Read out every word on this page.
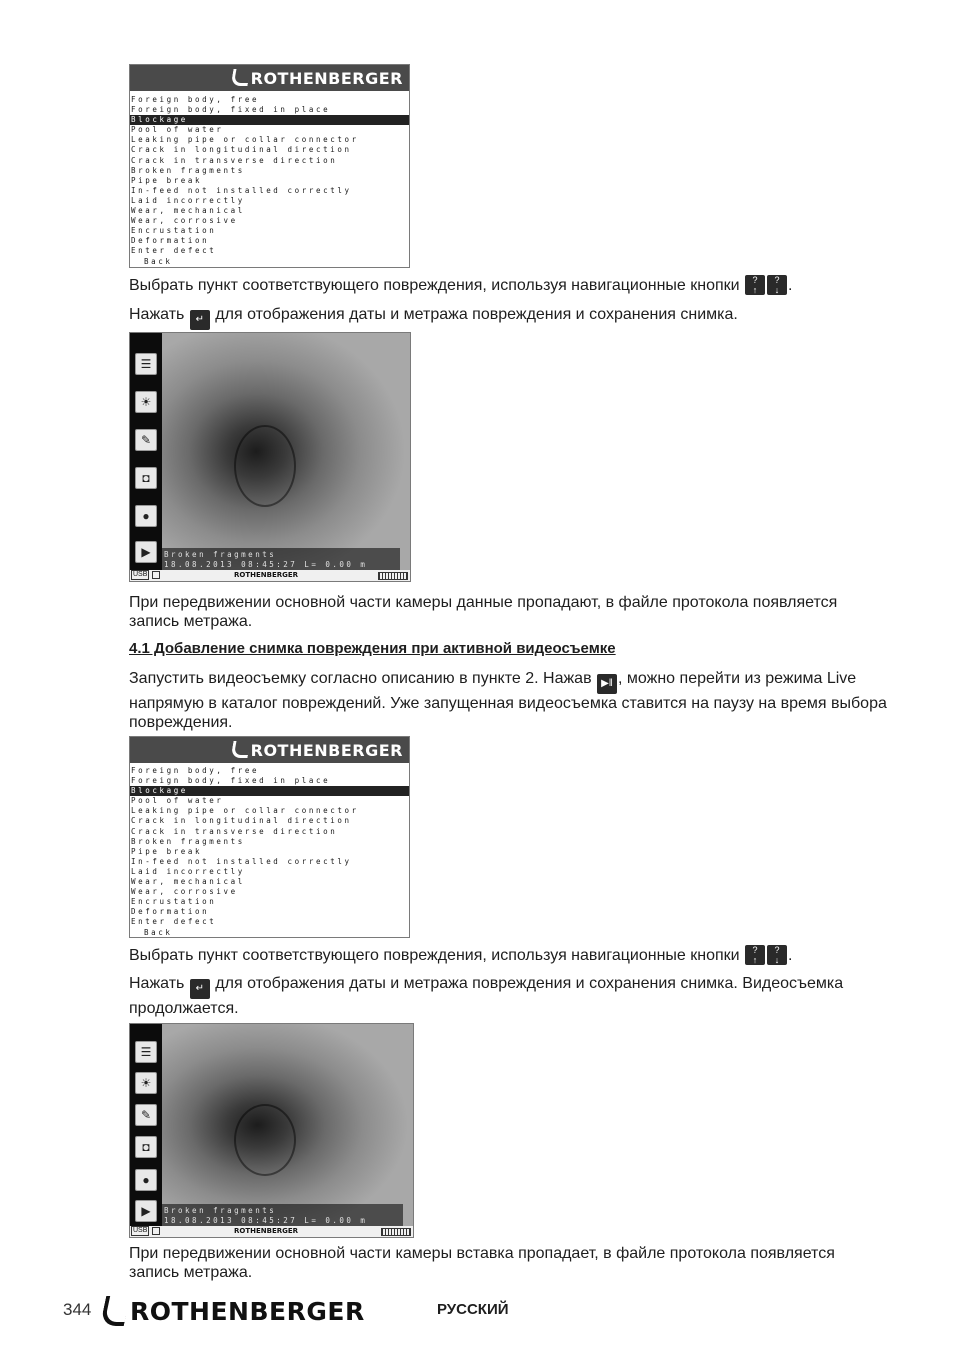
ROTHENBERGER
Foreign body, free
Foreign body, fixed in place
Blockage
Pool of water
Leaking pipe or collar connector
Crack in longitudinal direction
Crack in transverse direction
Broken fragments
Pipe break
In-feed not installed correctly
Laid incorrectly
Wear, mechanical
Wear, corrosive
Encrustation
Deformation
Enter defect
Back
Выбрать пункт соответствующего повреждения, используя навигационные кнопки ?
↑?
↓ .
Нажать ↵ для отображения даты и метража повреждения и сохранения снимка.
☰
☀
✎
◘
●
▶	Broken fragments
18.08.2013 08:45:27 L= 0.00 m
USB	ROTHENBERGER
При передвижении основной части камеры данные пропадают, в файле протокола появляется запись метража.
4.1 Добавление снимка повреждения при активной видеосъемке
Запустить видеосъемку согласно описанию в пункте 2. Нажав ▶‖ , можно перейти из режима Live напрямую в каталог повреждений. Уже запущенная видеосъемка ставится на паузу на время выбора повреждения.
ROTHENBERGER
Foreign body, free
Foreign body, fixed in place
Blockage
Pool of water
Leaking pipe or collar connector
Crack in longitudinal direction
Crack in transverse direction
Broken fragments
Pipe break
In-feed not installed correctly
Laid incorrectly
Wear, mechanical
Wear, corrosive
Encrustation
Deformation
Enter defect
Back
Выбрать пункт соответствующего повреждения, используя навигационные кнопки ?
↑?
↓ .
Нажать ↵ для отображения даты и метража повреждения и сохранения снимка. Видеосъемка продолжается.
☰
☀
✎
◘
●
▶	Broken fragments
18.08.2013 08:45:27 L= 0.00 m
USB	ROTHENBERGER
При передвижении основной части камеры вставка пропадает, в файле протокола появляется запись метража.
344	ROTHENBERGER	РУССКИЙ
